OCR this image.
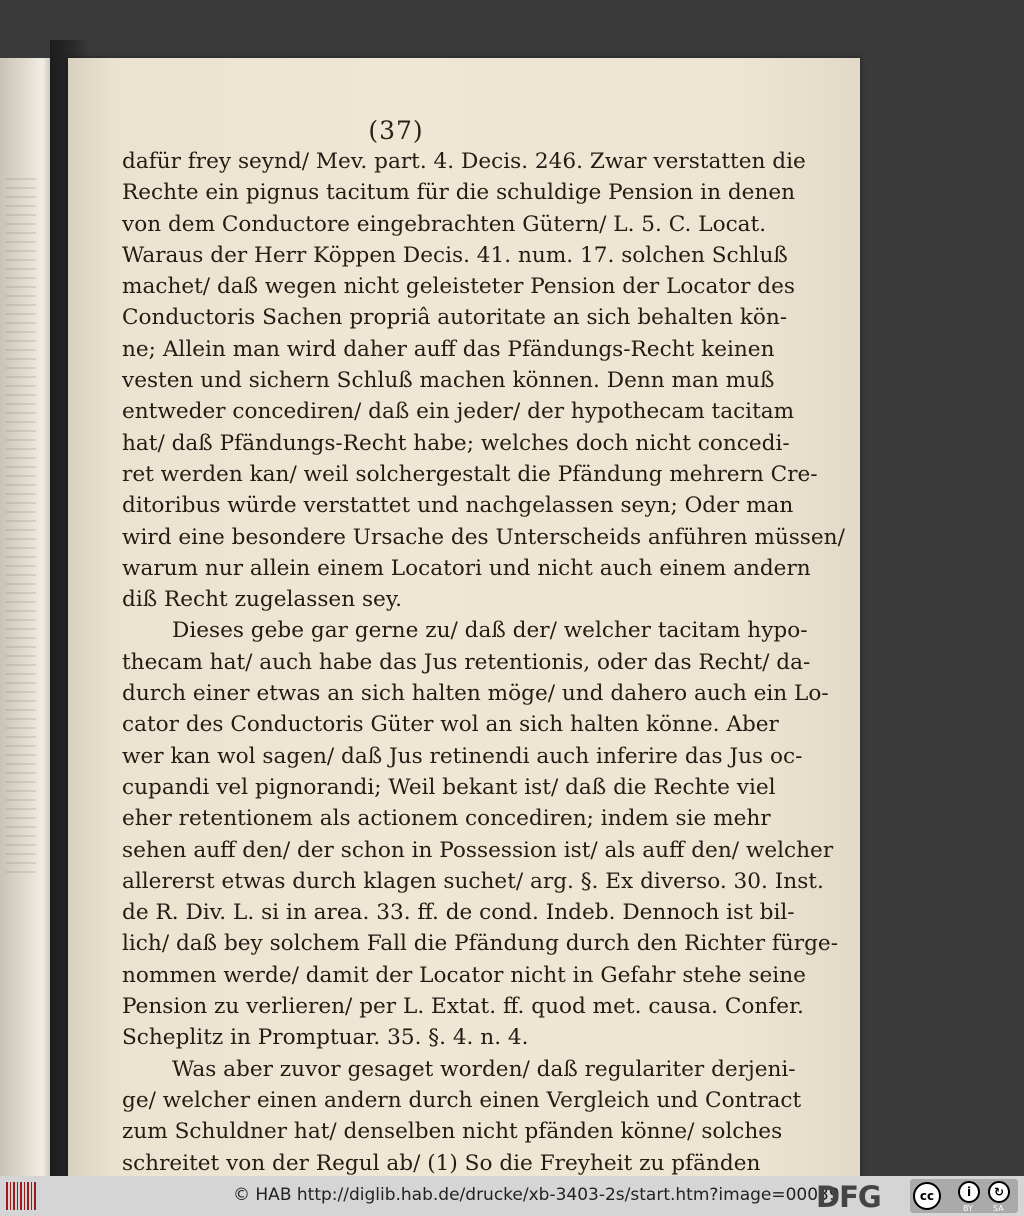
(37)
dafür frey seynd/ Mev. part. 4. Decis. 246. Zwar verstatten die
Rechte ein pignus tacitum für die schuldige Pension in denen
von dem Conductore eingebrachten Gütern/ L. 5. C. Locat.
Waraus der Herr Köppen Decis. 41. num. 17. solchen Schluß
machet/ daß wegen nicht geleisteter Pension der Locator des
Conductoris Sachen propriâ autoritate an sich behalten kön-
ne; Allein man wird daher auff das Pfändungs-Recht keinen
vesten und sichern Schluß machen können. Denn man muß
entweder concediren/ daß ein jeder/ der hypothecam tacitam
hat/ daß Pfändungs-Recht habe; welches doch nicht concedi-
ret werden kan/ weil solchergestalt die Pfändung mehrern Cre-
ditoribus würde verstattet und nachgelassen seyn; Oder man
wird eine besondere Ursache des Unterscheids anführen müssen/
warum nur allein einem Locatori und nicht auch einem andern
diß Recht zugelassen sey.
Dieses gebe gar gerne zu/ daß der/ welcher tacitam hypo-
thecam hat/ auch habe das Jus retentionis, oder das Recht/ da-
durch einer etwas an sich halten möge/ und dahero auch ein Lo-
cator des Conductoris Güter wol an sich halten könne. Aber
wer kan wol sagen/ daß Jus retinendi auch inferire das Jus oc-
cupandi vel pignorandi; Weil bekant ist/ daß die Rechte viel
eher retentionem als actionem concediren; indem sie mehr
sehen auff den/ der schon in Possession ist/ als auff den/ welcher
allererst etwas durch klagen suchet/ arg. §. Ex diverso. 30. Inst.
de R. Div. L. si in area. 33. ff. de cond. Indeb. Dennoch ist bil-
lich/ daß bey solchem Fall die Pfändung durch den Richter fürge-
nommen werde/ damit der Locator nicht in Gefahr stehe seine
Pension zu verlieren/ per L. Extat. ff. quod met. causa. Confer.
Scheplitz in Promptuar. 35. §. 4. n. 4.
Was aber zuvor gesaget worden/ daß regulariter derjeni-
ge/ welcher einen andern durch einen Vergleich und Contract
zum Schuldner hat/ denselben nicht pfänden könne/ solches
schreitet von der Regul ab/ (1) So die Freyheit zu pfänden
© HAB http://diglib.hab.de/drucke/xb-3403-2s/start.htm?image=00039
DFG	cc	i	↻
BY	SA
